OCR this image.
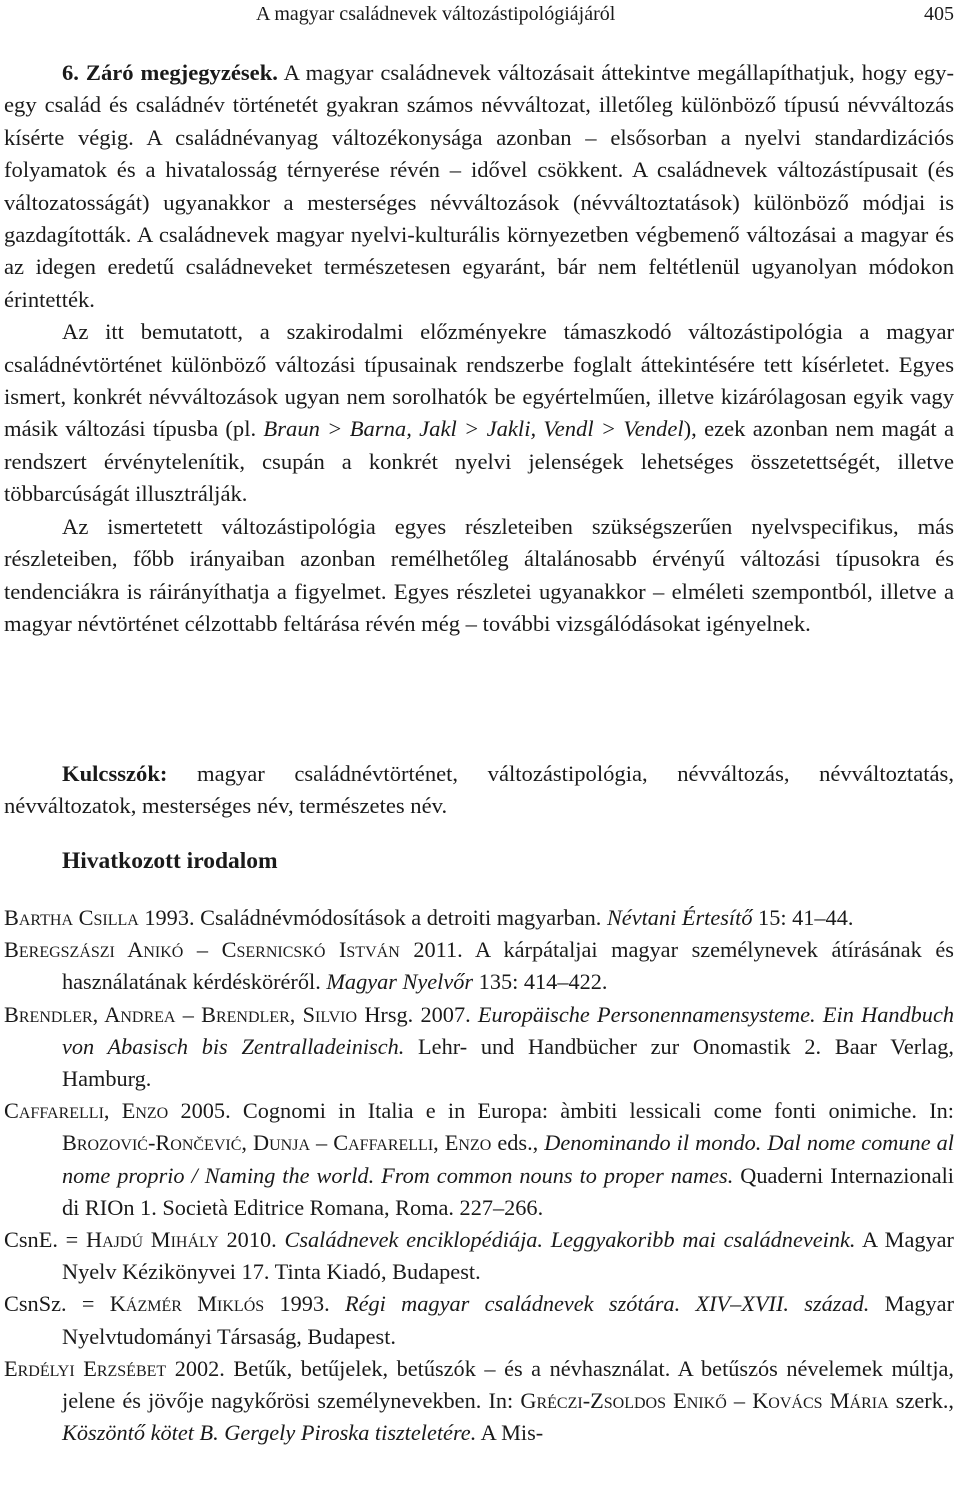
A magyar családnevek változástipológiájáról	405

6. Záró megjegyzések. A magyar családnevek változásait áttekintve megállapíthatjuk, hogy egy-egy család és családnév történetét gyakran számos névváltozat, illetőleg különböző típusú névváltozás kísérte végig. A családnévanyag változékonysága azonban – elsősorban a nyelvi standardizációs folyamatok és a hivatalosság térnyerése révén – idővel csökkent. A családnevek változástípusait (és változatosságát) ugyanakkor a mesterséges névváltozások (névváltoztatások) különböző módjai is gazdagították. A családnevek magyar nyelvi-kulturális környezetben végbemenő változásai a magyar és az idegen eredetű családneveket természetesen egyaránt, bár nem feltétlenül ugyanolyan módokon érintették.

Az itt bemutatott, a szakirodalmi előzményekre támaszkodó változástipológia a magyar családnévtörténet különböző változási típusainak rendszerbe foglalt áttekintésére tett kísérletet. Egyes ismert, konkrét névváltozások ugyan nem sorolhatók be egyértelműen, illetve kizárólagosan egyik vagy másik változási típusba (pl. Braun > Barna, Jakl > Jakli, Vendl > Vendel), ezek azonban nem magát a rendszert érvénytelenítik, csupán a konkrét nyelvi jelenségek lehetséges összetettségét, illetve többarcúságát illusztrálják.

Az ismertetett változástipológia egyes részleteiben szükségszerűen nyelvspecifikus, más részleteiben, főbb irányaiban azonban remélhetőleg általánosabb érvényű változási típusokra és tendenciákra is ráirányíthatja a figyelmet. Egyes részletei ugyanakkor – elméleti szempontból, illetve a magyar névtörténet célzottabb feltárása révén még – további vizsgálódásokat igényelnek.

Kulcsszók: magyar családnévtörténet, változástipológia, névváltozás, névváltoztatás, névváltozatok, mesterséges név, természetes név.
Hivatkozott irodalom

Bartha Csilla 1993. Családnévmódosítások a detroiti magyarban. Névtani Értesítő 15: 41–44.

Beregszászi Anikó – Csernicskó István 2011. A kárpátaljai magyar személynevek átírásának és használatának kérdésköréről. Magyar Nyelvőr 135: 414–422.

Brendler, Andrea – Brendler, Silvio Hrsg. 2007. Europäische Personennamensysteme. Ein Handbuch von Abasisch bis Zentralladeinisch. Lehr- und Handbücher zur Onomastik 2. Baar Verlag, Hamburg.

Caffarelli, Enzo 2005. Cognomi in Italia e in Europa: àmbiti lessicali come fonti onimiche. In: Brozović-Rončević, Dunja – Caffarelli, Enzo eds., Denominando il mondo. Dal nome comune al nome proprio / Naming the world. From common nouns to proper names. Quaderni Internazionali di RIOn 1. Società Editrice Romana, Roma. 227–266.

CsnE. = Hajdú Mihály 2010. Családnevek enciklopédiája. Leggyakoribb mai családneveink. A Magyar Nyelv Kézikönyvei 17. Tinta Kiadó, Budapest.

CsnSz. = Kázmér Miklós 1993. Régi magyar családnevek szótára. XIV–XVII. század. Magyar Nyelvtudományi Társaság, Budapest.

Erdélyi Erzsébet 2002. Betűk, betűjelek, betűszók – és a névhasználat. A betűszós névelemek múltja, jelene és jövője nagykőrösi személynevekben. In: Gréczi-Zsoldos Enikő – Kovács Mária szerk., Köszöntő kötet B. Gergely Piroska tiszteletére. A Mis-
